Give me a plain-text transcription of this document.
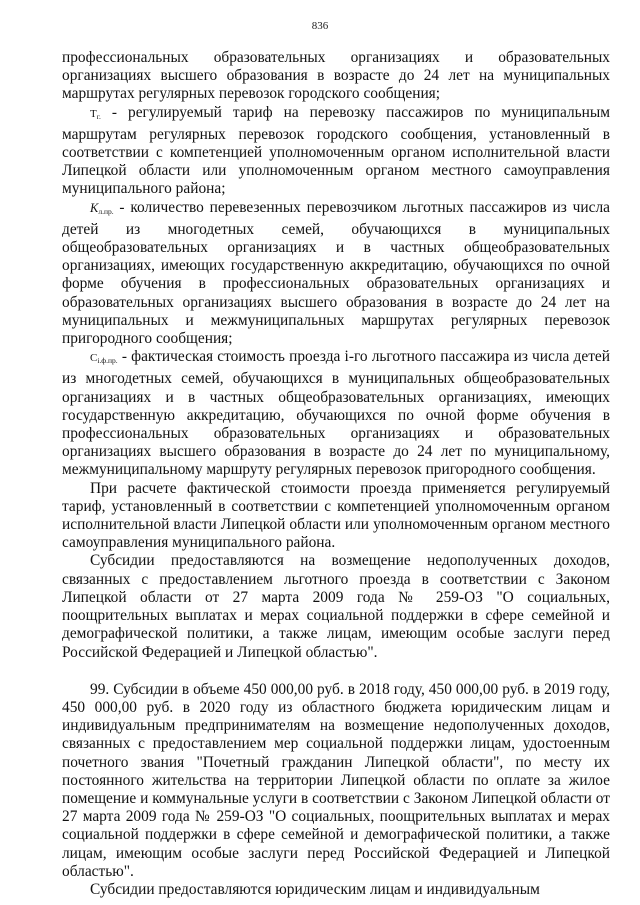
836

профессиональных образовательных организациях и образовательных организациях высшего образования в возрасте до 24 лет на муниципальных маршрутах регулярных перевозок городского сообщения;

$Т_{г.}$ - регулируемый тариф на перевозку пассажиров по муниципальным маршрутам регулярных перевозок городского сообщения, установленный в соответствии с компетенцией уполномоченным органом исполнительной власти Липецкой области или уполномоченным органом местного самоуправления муниципального района;

$K_{л.пр.}$ - количество перевезенных перевозчиком льготных пассажиров из числа детей из многодетных семей, обучающихся в муниципальных общеобразовательных организациях и в частных общеобразовательных организациях, имеющих государственную аккредитацию, обучающихся по очной форме обучения в профессиональных образовательных организациях и образовательных организациях высшего образования в возрасте до 24 лет на муниципальных и межмуниципальных маршрутах регулярных перевозок пригородного сообщения;

$С_{i.ф.пр.}$ - фактическая стоимость проезда i-го льготного пассажира из числа детей из многодетных семей, обучающихся в муниципальных общеобразовательных организациях и в частных общеобразовательных организациях, имеющих государственную аккредитацию, обучающихся по очной форме обучения в профессиональных образовательных организациях и образовательных организациях высшего образования в возрасте до 24 лет по муниципальному, межмуниципальному маршруту регулярных перевозок пригородного сообщения.

При расчете фактической стоимости проезда применяется регулируемый тариф, установленный в соответствии с компетенцией уполномоченным органом исполнительной власти Липецкой области или уполномоченным органом местного самоуправления муниципального района.

Субсидии предоставляются на возмещение недополученных доходов, связанных с предоставлением льготного проезда в соответствии с Законом Липецкой области от 27 марта 2009 года № 259-ОЗ "О социальных, поощрительных выплатах и мерах социальной поддержки в сфере семейной и демографической политики, а также лицам, имеющим особые заслуги перед Российской Федерацией и Липецкой областью".

99. Субсидии в объеме 450 000,00 руб. в 2018 году, 450 000,00 руб. в 2019 году, 450 000,00 руб. в 2020 году из областного бюджета юридическим лицам и индивидуальным предпринимателям на возмещение недополученных доходов, связанных с предоставлением мер социальной поддержки лицам, удостоенным почетного звания "Почетный гражданин Липецкой области", по месту их постоянного жительства на территории Липецкой области по оплате за жилое помещение и коммунальные услуги в соответствии с Законом Липецкой области от 27 марта 2009 года № 259-ОЗ "О социальных, поощрительных выплатах и мерах социальной поддержки в сфере семейной и демографической политики, а также лицам, имеющим особые заслуги перед Российской Федерацией и Липецкой областью".

Субсидии предоставляются юридическим лицам и индивидуальным
